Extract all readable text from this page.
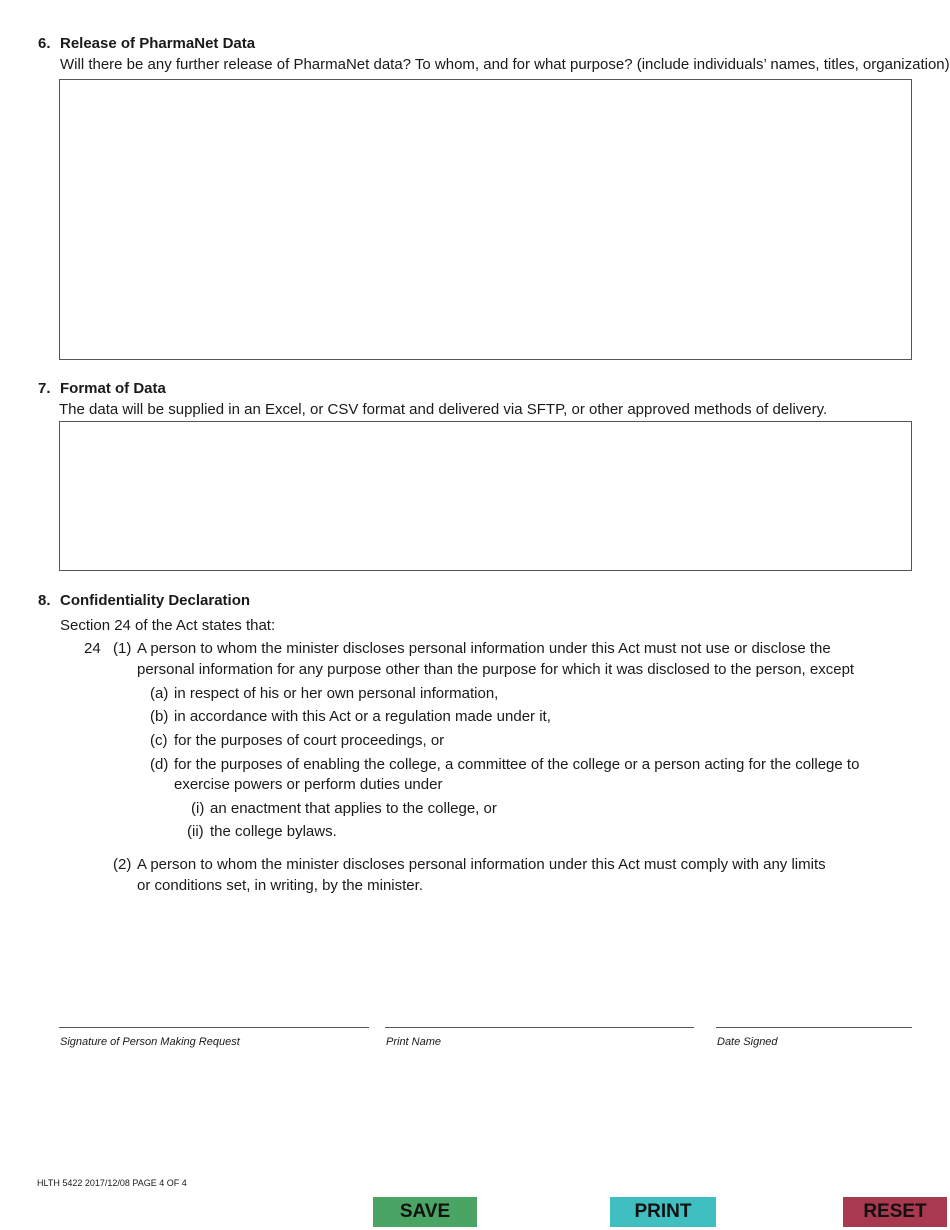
6. Release of PharmaNet Data
Will there be any further release of PharmaNet data? To whom, and for what purpose? (include individuals’ names, titles, organization)
7. Format of Data
The data will be supplied in an Excel, or CSV format and delivered via SFTP, or other approved methods of delivery.
8. Confidentiality Declaration
Section 24 of the Act states that:
24 (1) A person to whom the minister discloses personal information under this Act must not use or disclose the
personal information for any purpose other than the purpose for which it was disclosed to the person, except
(a) in respect of his or her own personal information,
(b) in accordance with this Act or a regulation made under it,
(c) for the purposes of court proceedings, or
(d) for the purposes of enabling the college, a committee of the college or a person acting for the college to
exercise powers or perform duties under
(i) an enactment that applies to the college, or
(ii) the college bylaws.
(2) A person to whom the minister discloses personal information under this Act must comply with any limits
or conditions set, in writing, by the minister.
Signature of Person Making Request	Print Name	Date Signed
HLTH 5422 2017/12/08 PAGE 4 OF 4
SAVE	PRINT	RESET
